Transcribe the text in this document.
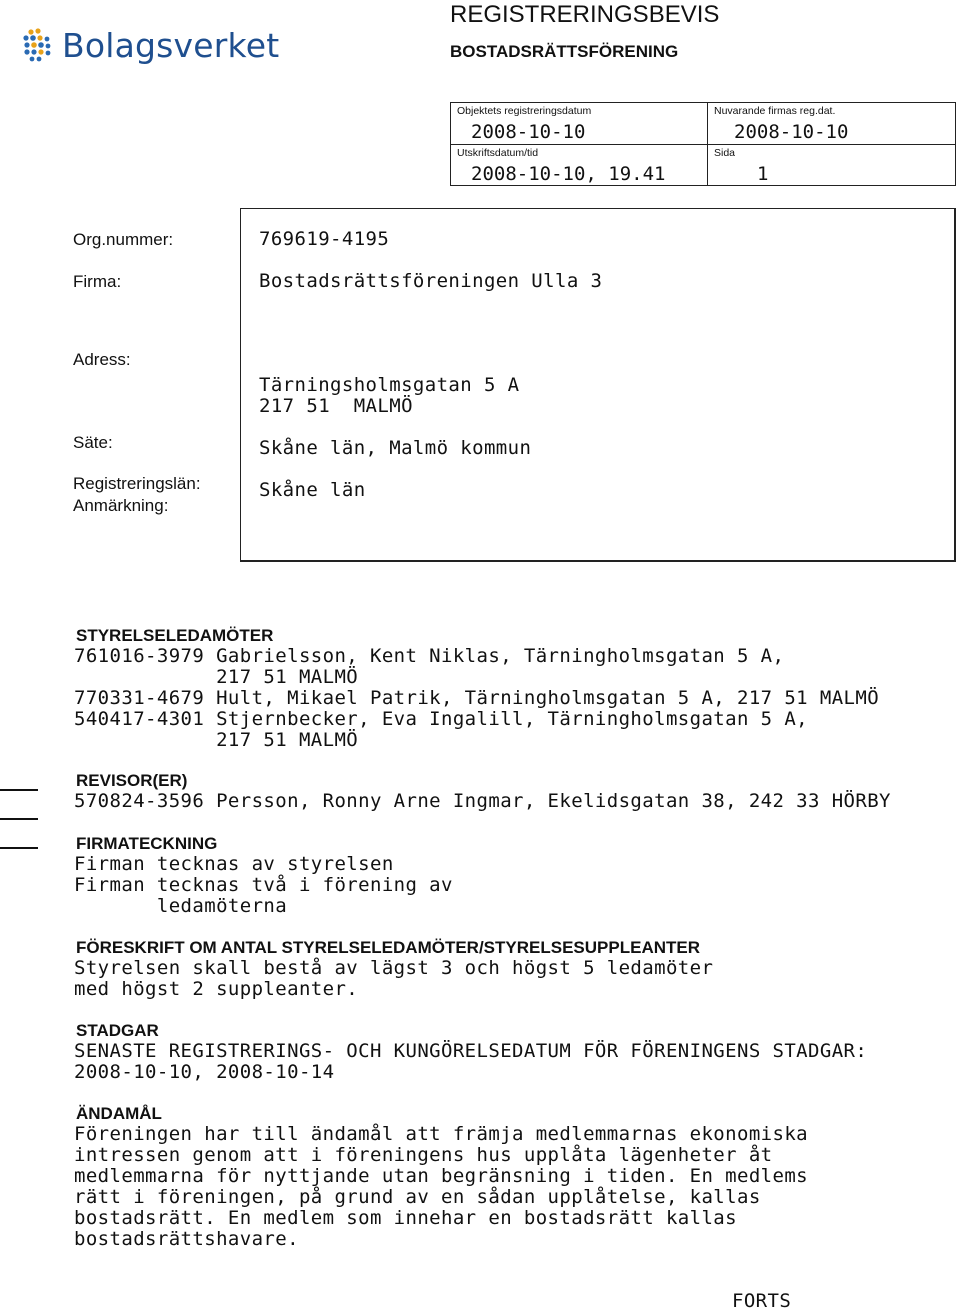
Bolagsverket
REGISTRERINGSBEVIS
BOSTADSRÄTTSFÖRENING
Objektets registreringsdatum
2008-10-10
Nuvarande firmas reg.dat.
2008-10-10
Utskriftsdatum/tid
2008-10-10, 19.41
Sida
1
Org.nummer:
Firma:
Adress:
Säte:
Registreringslän:
Anmärkning:
769619-4195
Bostadsrättsföreningen Ulla 3
Tärningsholmsgatan 5 A
217 51  MALMÖ
Skåne län, Malmö kommun
Skåne län
STYRELSELEDAMÖTER
761016-3979 Gabrielsson, Kent Niklas, Tärningholmsgatan 5 A,
217 51 MALMÖ
770331-4679 Hult, Mikael Patrik, Tärningholmsgatan 5 A, 217 51 MALMÖ
540417-4301 Stjernbecker, Eva Ingalill, Tärningholmsgatan 5 A,
217 51 MALMÖ
REVISOR(ER)
570824-3596 Persson, Ronny Arne Ingmar, Ekelidsgatan 38, 242 33 HÖRBY
FIRMATECKNING
Firman tecknas av styrelsen
Firman tecknas två i förening av
ledamöterna
FÖRESKRIFT OM ANTAL STYRELSELEDAMÖTER/STYRELSESUPPLEANTER
Styrelsen skall bestå av lägst 3 och högst 5 ledamöter
med högst 2 suppleanter.
STADGAR
SENASTE REGISTRERINGS- OCH KUNGÖRELSEDATUM FÖR FÖRENINGENS STADGAR:
2008-10-10, 2008-10-14
ÄNDAMÅL
Föreningen har till ändamål att främja medlemmarnas ekonomiska
intressen genom att i föreningens hus upplåta lägenheter åt
medlemmarna för nyttjande utan begränsning i tiden. En medlems
rätt i föreningen, på grund av en sådan upplåtelse, kallas
bostadsrätt. En medlem som innehar en bostadsrätt kallas
bostadsrättshavare.
FORTS
